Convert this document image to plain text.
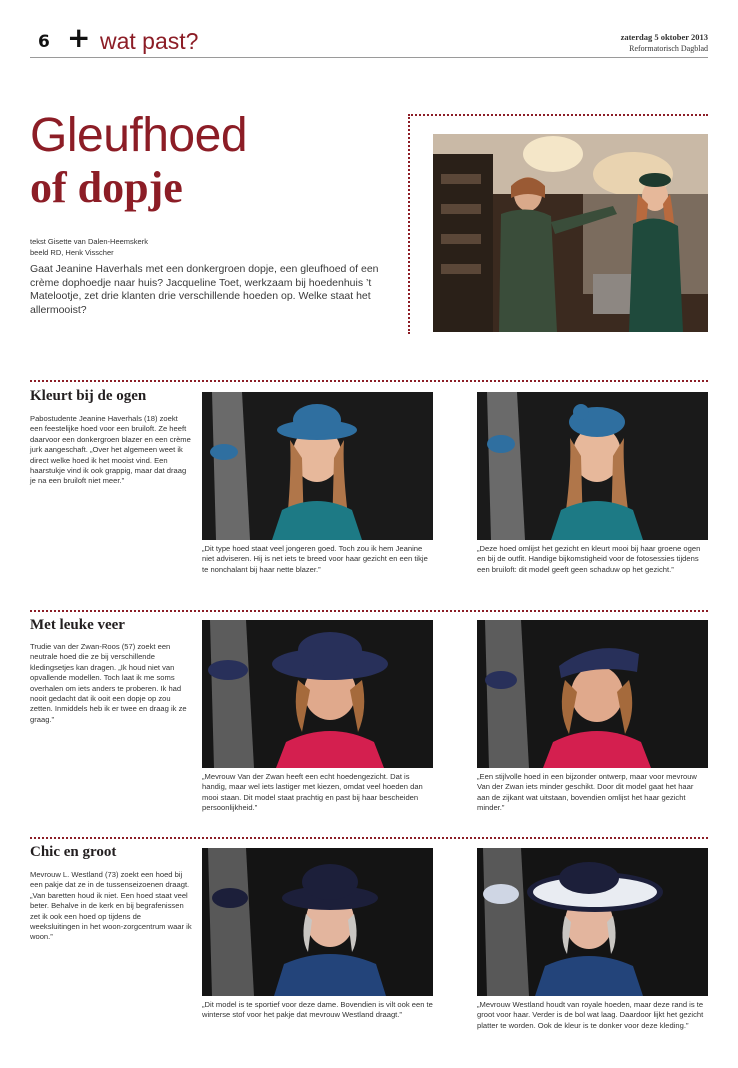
6 + wat past?	zaterdag 5 oktober 2013
Reformatorisch Dagblad
Gleufhoed
of dopje
tekst Gisette van Dalen-Heemskerk
beeld RD, Henk Visscher

Gaat Jeanine Haverhals met een donkergroen dopje, een gleufhoed of een crème dophoedje naar huis? Jacqueline Toet, werkzaam bij hoedenhuis ’t Matelootje, zet drie klanten drie verschillende hoeden op. Welke staat het allermooist?

Kleurt bij de ogen

Pabostudente Jeanine Haverhals (18) zoekt een feestelijke hoed voor een bruiloft. Ze heeft daarvoor een donkergroen blazer en een crème jurk aangeschaft. „Over het algemeen weet ik direct welke hoed ik het mooist vind. Een haarstukje vind ik ook grappig, maar dat draag je na een bruiloft niet meer.”

„Dit type hoed staat veel jongeren goed. Toch zou ik hem Jeanine niet adviseren. Hij is net iets te breed voor haar gezicht en een tikje te nonchalant bij haar nette blazer.”

„Deze hoed omlijst het gezicht en kleurt mooi bij haar groene ogen en bij de outfit. Handige bijkomstigheid voor de fotosessies tijdens een bruiloft: dit model geeft geen schaduw op het gezicht.”

Met leuke veer

Trudie van der Zwan-Roos (57) zoekt een neutrale hoed die ze bij verschillende kledingsetjes kan dragen. „Ik houd niet van opvallende modellen. Toch laat ik me soms overhalen om iets anders te proberen. Ik had nooit gedacht dat ik ooit een dopje op zou zetten. Inmiddels heb ik er twee en draag ik ze graag.”

„Mevrouw Van der Zwan heeft een echt hoedengezicht. Dat is handig, maar wel iets lastiger met kiezen, omdat veel hoeden dan mooi staan. Dit model staat prachtig en past bij haar bescheiden persoonlijkheid.”

„Een stijlvolle hoed in een bijzonder ontwerp, maar voor mevrouw Van der Zwan iets minder geschikt. Door dit model gaat het haar aan de zijkant wat uitstaan, bovendien omlijst het haar gezicht minder.”

Chic en groot

Mevrouw L. Westland (73) zoekt een hoed bij een pakje dat ze in de tussenseizoenen draagt. „Van baretten houd ik niet. Een hoed staat veel beter. Behalve in de kerk en bij begrafenissen zet ik ook een hoed op tijdens de weeksluitingen in het woon-zorgcentrum waar ik woon.”

„Dit model is te sportief voor deze dame. Bovendien is vilt ook een te winterse stof voor het pakje dat mevrouw Westland draagt.”

„Mevrouw Westland houdt van royale hoeden, maar deze rand is te groot voor haar. Verder is de bol wat laag. Daardoor lijkt het gezicht platter te worden. Ook de kleur is te donker voor deze kleding.”
